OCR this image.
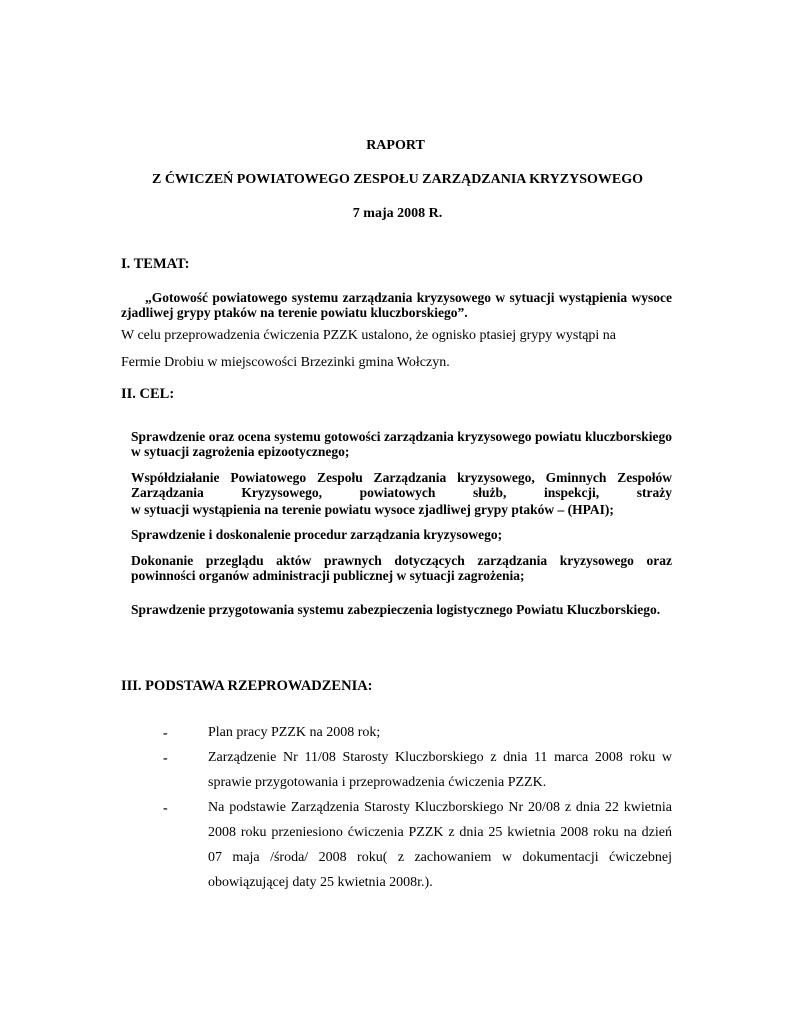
RAPORT

Z ĆWICZEŃ POWIATOWEGO ZESPOŁU ZARZĄDZANIA KRYZYSOWEGO

7 maja 2008 R.

I. TEMAT:

„Gotowość powiatowego systemu zarządzania kryzysowego w sytuacji wystąpienia wysoce zjadliwej grypy ptaków na terenie powiatu kluczborskiego”.

W celu przeprowadzenia ćwiczenia PZZK ustalono, że ognisko ptasiej grypy wystąpi na

Fermie Drobiu w miejscowości Brzezinki gmina Wołczyn.

II. CEL:

Sprawdzenie oraz ocena systemu gotowości zarządzania kryzysowego powiatu kluczborskiego w sytuacji zagrożenia epizootycznego;

Współdziałanie Powiatowego Zespołu Zarządzania kryzysowego, Gminnych Zespołów Zarządzania Kryzysowego, powiatowych służb, inspekcji, straży

w sytuacji wystąpienia na terenie powiatu wysoce zjadliwej grypy ptaków – (HPAI);

Sprawdzenie i doskonalenie procedur zarządzania kryzysowego;

Dokonanie przeglądu aktów prawnych dotyczących zarządzania kryzysowego oraz powinności organów administracji publicznej w sytuacji zagrożenia;

Sprawdzenie przygotowania systemu zabezpieczenia logistycznego Powiatu Kluczborskiego.

III. PODSTAWA RZEPROWADZENIA:

-	Plan pracy PZZK na 2008 rok;

-	Zarządzenie Nr 11/08 Starosty Kluczborskiego z dnia 11 marca 2008 roku w sprawie przygotowania i przeprowadzenia ćwiczenia PZZK.

-	Na podstawie Zarządzenia Starosty Kluczborskiego Nr 20/08 z dnia 22 kwietnia 2008 roku przeniesiono ćwiczenia PZZK z dnia 25 kwietnia 2008 roku na dzień 07 maja /środa/ 2008 roku( z zachowaniem w dokumentacji ćwiczebnej obowiązującej daty 25 kwietnia 2008r.).
